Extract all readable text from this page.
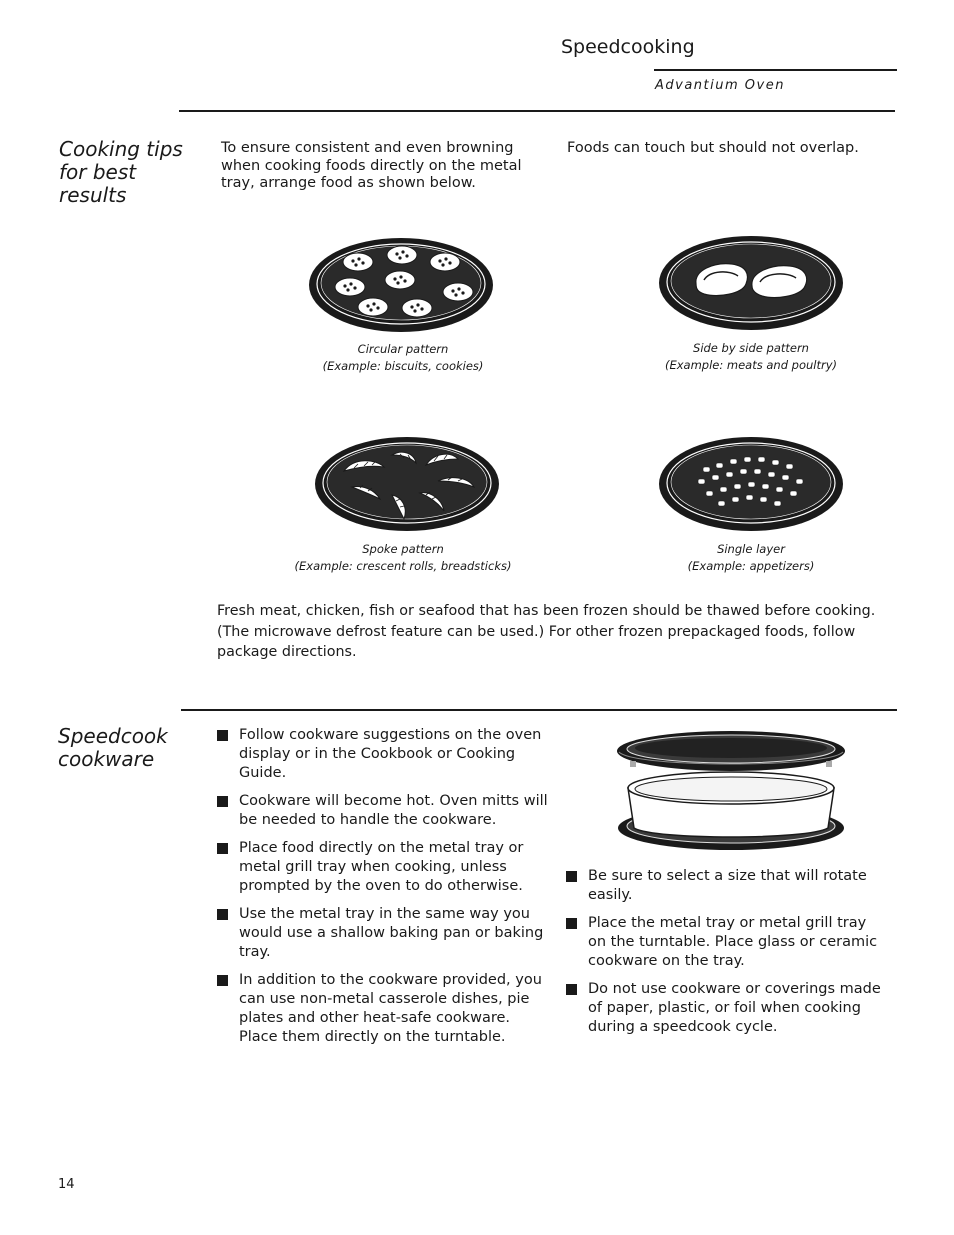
Speedcooking
Advantium Oven
Cooking tips
for best
results
To ensure consistent and even browning
when cooking foods directly on the metal
tray, arrange food as shown below.
Foods can touch but should not overlap.
Circular pattern
(Example: biscuits, cookies)
Side by side pattern
(Example: meats and poultry)
Spoke pattern
(Example: crescent rolls, breadsticks)
Single layer
(Example: appetizers)
Fresh meat, chicken, fish or seafood that has been frozen should be thawed before cooking.
(The microwave defrost feature can be used.) For other frozen prepackaged foods, follow
package directions.
Speedcook
cookware
Follow cookware suggestions on the oven
display or in the Cookbook or Cooking
Guide.
Cookware will become hot. Oven mitts will
be needed to handle the cookware.
Place food directly on the metal tray or
metal grill tray when cooking, unless
prompted by the oven to do otherwise.
Use the metal tray in the same way you
would use a shallow baking pan or baking
tray.
In addition to the cookware provided, you
can use non-metal casserole dishes, pie
plates and other heat-safe cookware.
Place them directly on the turntable.
Be sure to select a size that will rotate
easily.
Place the metal tray or metal grill tray
on the turntable. Place glass or ceramic
cookware on the tray.
Do not use cookware or coverings made
of paper, plastic, or foil when cooking
during a speedcook cycle.
14
